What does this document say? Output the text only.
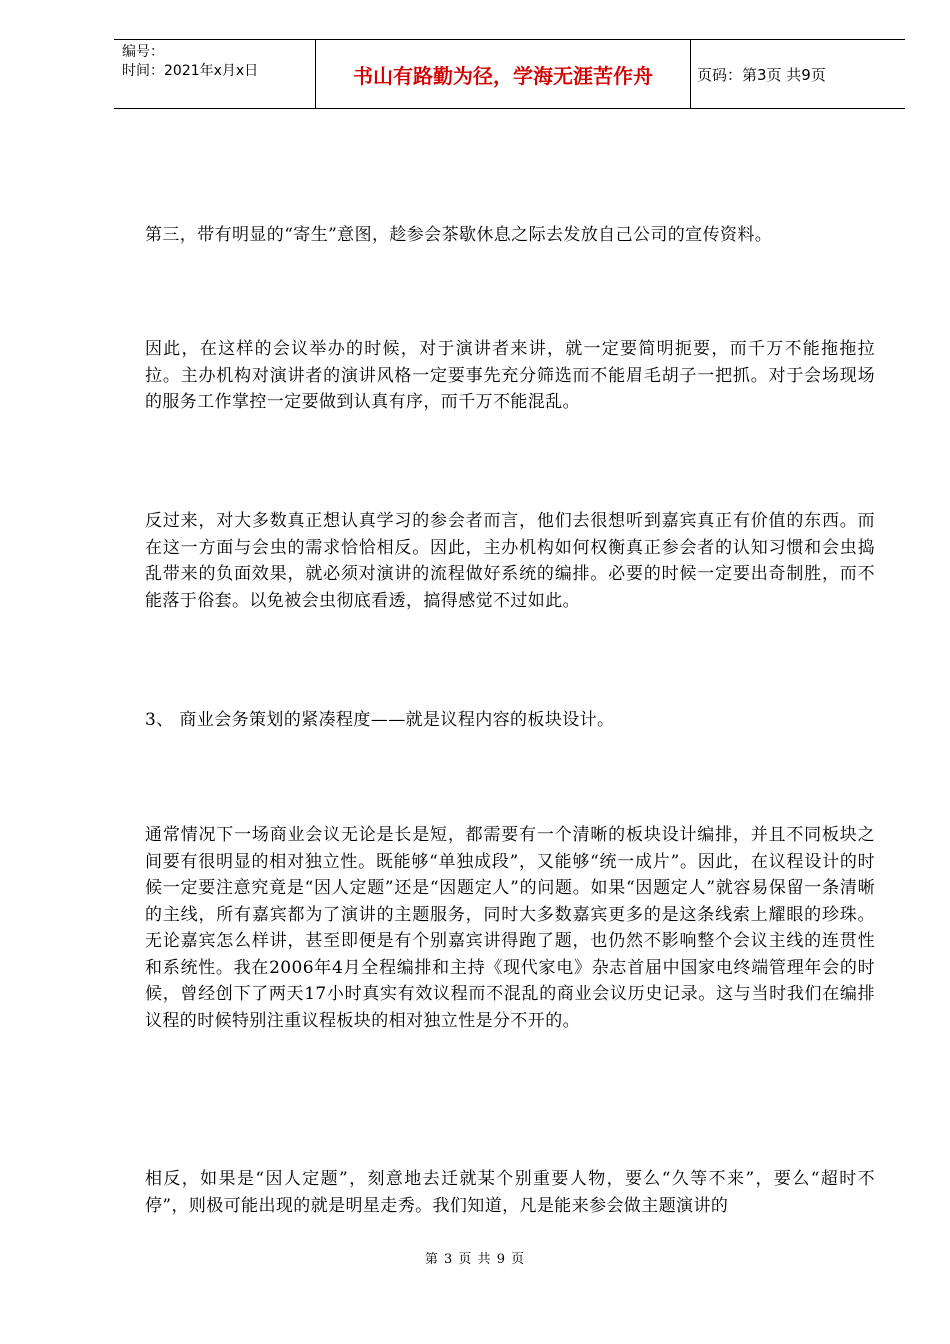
编号：
时间：2021年x月x日	书山有路勤为径，学海无涯苦作舟	页码：第3页 共9页

第三，带有明显的“寄生”意图，趁参会茶歇休息之际去发放自己公司的宣传资料。

因此，在这样的会议举办的时候，对于演讲者来讲，就一定要简明扼要，而千万不能拖拖拉拉。主办机构对演讲者的演讲风格一定要事先充分筛选而不能眉毛胡子一把抓。对于会场现场的服务工作掌控一定要做到认真有序，而千万不能混乱。

反过来，对大多数真正想认真学习的参会者而言，他们去很想听到嘉宾真正有价值的东西。而在这一方面与会虫的需求恰恰相反。因此，主办机构如何权衡真正参会者的认知习惯和会虫捣乱带来的负面效果，就必须对演讲的流程做好系统的编排。必要的时候一定要出奇制胜，而不能落于俗套。以免被会虫彻底看透，搞得感觉不过如此。

3、 商业会务策划的紧凑程度——就是议程内容的板块设计。

通常情况下一场商业会议无论是长是短，都需要有一个清晰的板块设计编排，并且不同板块之间要有很明显的相对独立性。既能够“单独成段”，又能够“统一成片”。因此，在议程设计的时候一定要注意究竟是“因人定题”还是“因题定人”的问题。如果“因题定人”就容易保留一条清晰的主线，所有嘉宾都为了演讲的主题服务，同时大多数嘉宾更多的是这条线索上耀眼的珍珠。无论嘉宾怎么样讲，甚至即便是有个别嘉宾讲得跑了题，也仍然不影响整个会议主线的连贯性和系统性。我在2006年4月全程编排和主持《现代家电》杂志首届中国家电终端管理年会的时候，曾经创下了两天17小时真实有效议程而不混乱的商业会议历史记录。这与当时我们在编排议程的时候特别注重议程板块的相对独立性是分不开的。

相反，如果是“因人定题”，刻意地去迁就某个别重要人物，要么“久等不来”，要么“超时不停”，则极可能出现的就是明星走秀。我们知道，凡是能来参会做主题演讲的

第 3 页 共 9 页
